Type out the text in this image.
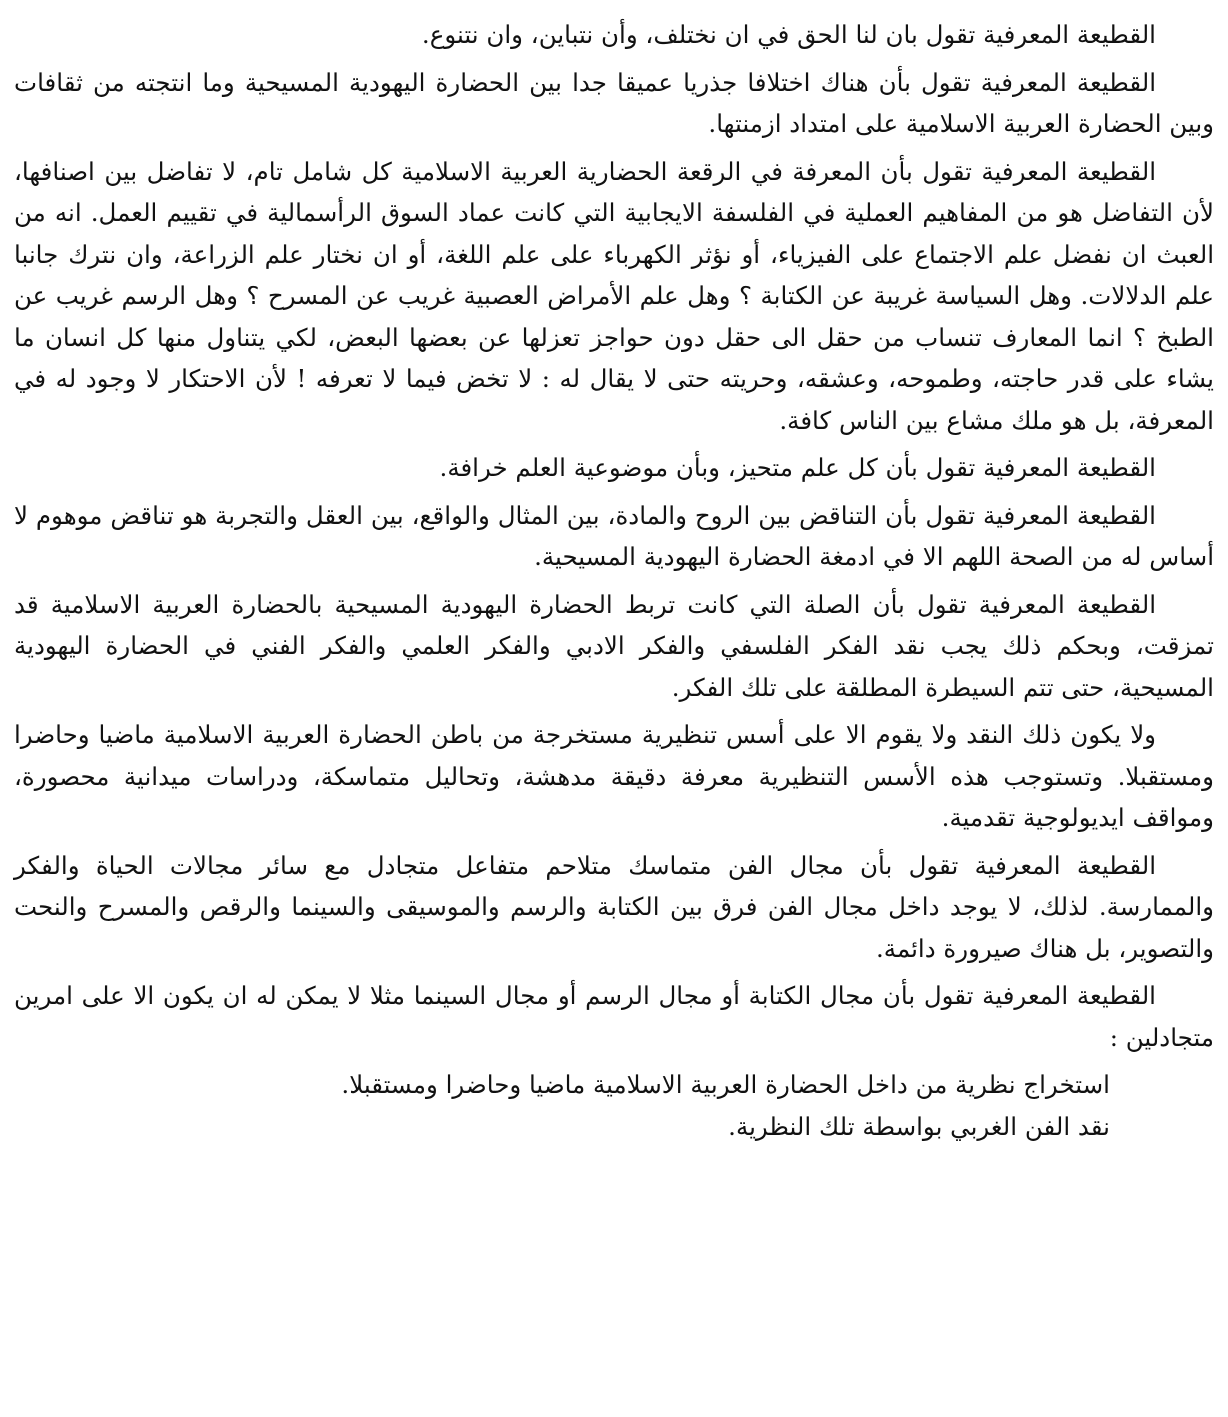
القطيعة المعرفية تقول بان لنا الحق في ان نختلف، وأن نتباين، وان نتنوع.

القطيعة المعرفية تقول بأن هناك اختلافا جذريا عميقا جدا بين الحضارة اليهودية المسيحية وما انتجته من ثقافات وبين الحضارة العربية الاسلامية على امتداد ازمنتها.

القطيعة المعرفية تقول بأن المعرفة في الرقعة الحضارية العربية الاسلامية كل شامل تام، لا تفاضل بين اصنافها، لأن التفاضل هو من المفاهيم العملية في الفلسفة الايجابية التي كانت عماد السوق الرأسمالية في تقييم العمل. انه من العبث ان نفضل علم الاجتماع على الفيزياء، أو نؤثر الكهرباء على علم اللغة، أو ان نختار علم الزراعة، وان نترك جانبا علم الدلالات. وهل السياسة غريبة عن الكتابة ؟ وهل علم الأمراض العصبية غريب عن المسرح ؟ وهل الرسم غريب عن الطبخ ؟ انما المعارف تنساب من حقل الى حقل دون حواجز تعزلها عن بعضها البعض، لكي يتناول منها كل انسان ما يشاء على قدر حاجته، وطموحه، وعشقه، وحريته حتى لا يقال له : لا تخض فيما لا تعرفه ! لأن الاحتكار لا وجود له في المعرفة، بل هو ملك مشاع بين الناس كافة.

القطيعة المعرفية تقول بأن كل علم متحيز، وبأن موضوعية العلم خرافة.

القطيعة المعرفية تقول بأن التناقض بين الروح والمادة، بين المثال والواقع، بين العقل والتجربة هو تناقض موهوم لا أساس له من الصحة اللهم الا في ادمغة الحضارة اليهودية المسيحية.

القطيعة المعرفية تقول بأن الصلة التي كانت تربط الحضارة اليهودية المسيحية بالحضارة العربية الاسلامية قد تمزقت، وبحكم ذلك يجب نقد الفكر الفلسفي والفكر الادبي والفكر العلمي والفكر الفني في الحضارة اليهودية المسيحية، حتى تتم السيطرة المطلقة على تلك الفكر.

ولا يكون ذلك النقد ولا يقوم الا على أسس تنظيرية مستخرجة من باطن الحضارة العربية الاسلامية ماضيا وحاضرا ومستقبلا. وتستوجب هذه الأسس التنظيرية معرفة دقيقة مدهشة، وتحاليل متماسكة، ودراسات ميدانية محصورة، ومواقف ايديولوجية تقدمية.

القطيعة المعرفية تقول بأن مجال الفن متماسك متلاحم متفاعل متجادل مع سائر مجالات الحياة والفكر والممارسة. لذلك، لا يوجد داخل مجال الفن فرق بين الكتابة والرسم والموسيقى والسينما والرقص والمسرح والنحت والتصوير، بل هناك صيرورة دائمة.

القطيعة المعرفية تقول بأن مجال الكتابة أو مجال الرسم أو مجال السينما مثلا لا يمكن له ان يكون الا على امرين متجادلين :

استخراج نظرية من داخل الحضارة العربية الاسلامية ماضيا وحاضرا ومستقبلا.

نقد الفن الغربي بواسطة تلك النظرية.
